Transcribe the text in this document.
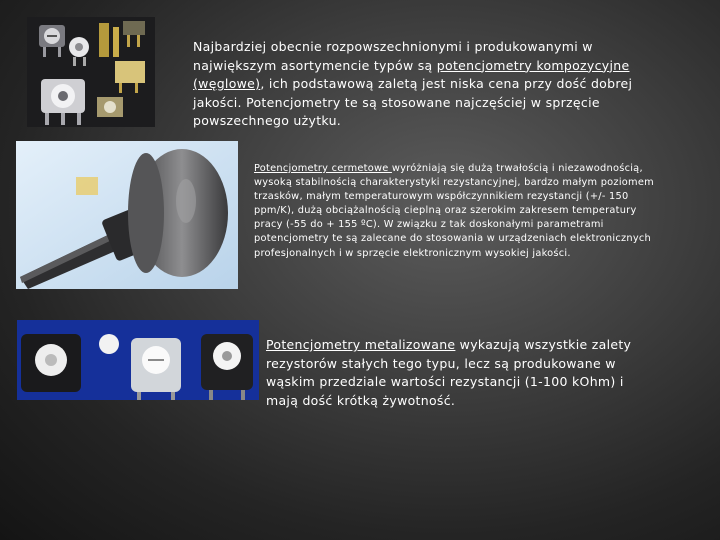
Najbardziej obecnie rozpowszechnionymi i produkowanymi w największym asortymencie typów są potencjometry kompozycyjne (węglowe), ich podstawową zaletą jest niska cena przy dość dobrej jakości. Potencjometry te są stosowane najczęściej w sprzęcie powszechnego użytku.

Potencjometry cermetowe wyróżniają się dużą trwałością i niezawodnością, wysoką stabilnością charakterystyki rezystancyjnej, bardzo małym poziomem trzasków, małym temperaturowym współczynnikiem rezystancji (+/- 150 ppm/K), dużą obciążalnością cieplną oraz szerokim zakresem temperatury pracy (-55 do + 155 ºC). W związku z tak doskonałymi parametrami potencjometry te są zalecane do stosowania w urządzeniach elektronicznych profesjonalnych i w sprzęcie elektronicznym wysokiej jakości.

Potencjometry metalizowane wykazują wszystkie zalety rezystorów stałych tego typu, lecz są produkowane w wąskim przedziale wartości rezystancji (1-100 kOhm) i mają dość krótką żywotność.
